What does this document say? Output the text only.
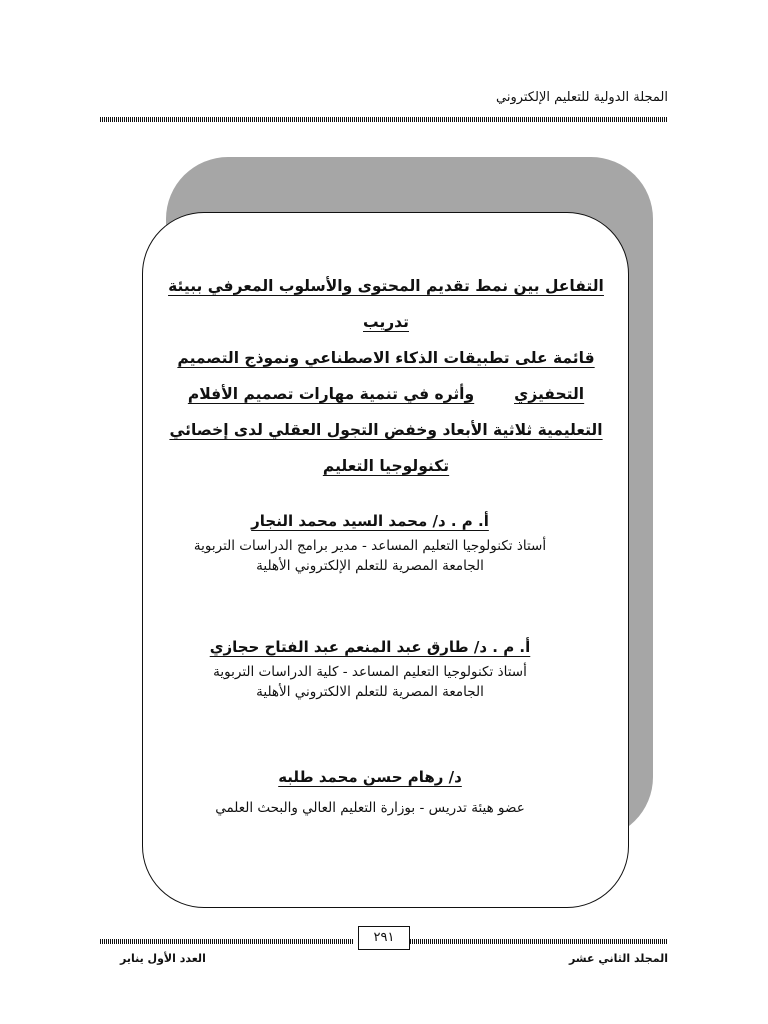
المجلة الدولية للتعليم الإلكتروني
التفاعل بين نمط تقديم المحتوى والأسلوب المعرفي ببيئة تدريب
قائمة على تطبيقات الذكاء الاصطناعي ونموذج التصميم
التحفيزي
وأثره في تنمية مهارات تصميم الأفلام
التعليمية ثلاثية الأبعاد وخفض التجول العقلي لدى إخصائي
تكنولوجيا التعليم
أ. م . د/ محمد السيد محمد النجار
أستاذ تكنولوجيا التعليم المساعد - مدير برامج الدراسات التربوية
الجامعة المصرية للتعلم الإلكتروني الأهلية
أ. م . د/ طارق عبد المنعم عبد الفتاح حجازي
أستاذ تكنولوجيا التعليم المساعد - كلية الدراسات التربوية
الجامعة المصرية للتعلم الالكتروني الأهلية
د/ رهام حسن محمد طلبه
عضو هيئة تدريس - بوزارة التعليم العالي والبحث العلمي
٢٩١
العدد الأول يناير	المجلد الثاني عشر
